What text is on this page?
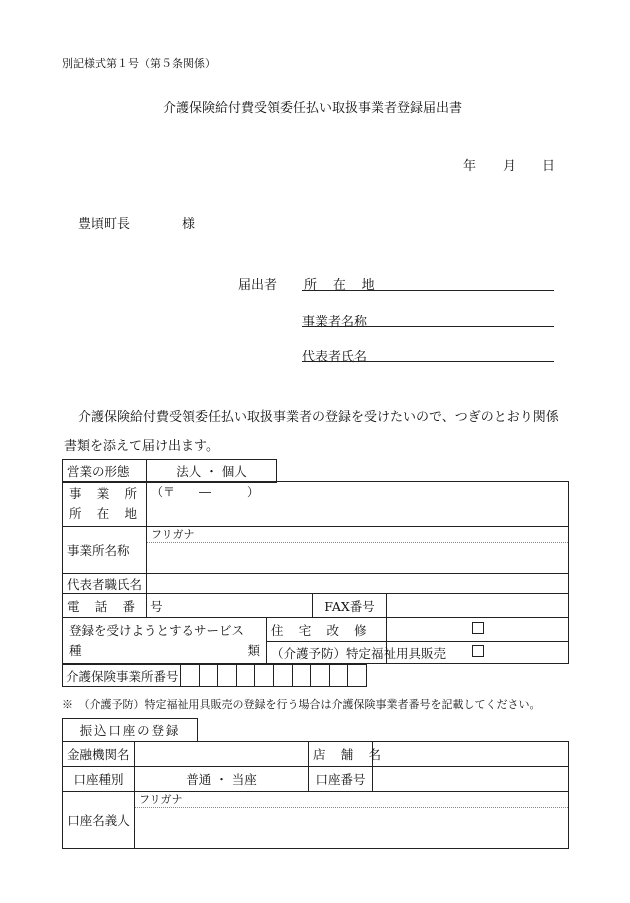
別記様式第１号（第５条関係）
介護保険給付費受領委任払い取扱事業者登録届出書
年 月 日
豊頃町長	様
届出者 所 在 地
事業者名称
代表者氏名
介護保険給付費受領委任払い取扱事業者の登録を受けたいので、つぎのとおり関係
書類を添えて届け出ます。
営業の形態	法人 ・ 個人
事 業 所
所 在 地	（〒　　―　　　）			
事業所名称	フリガナ			

代表者職氏名				
電 話 番 号			FAX番号	

登録を受けようとするサービス
種 類		住 宅 改 修		
		（介護予防）特定福祉用具販売		
介護保険事業所番号										
※　（介護予防）特定福祉用具販売の登録を行う場合は介護保険事業者番号を記載してください。
振込口座の登録
金融機関名		店 舗 名	
口座種別	普通 ・ 当座	口座番号	
口座名義人	フリガナ		
